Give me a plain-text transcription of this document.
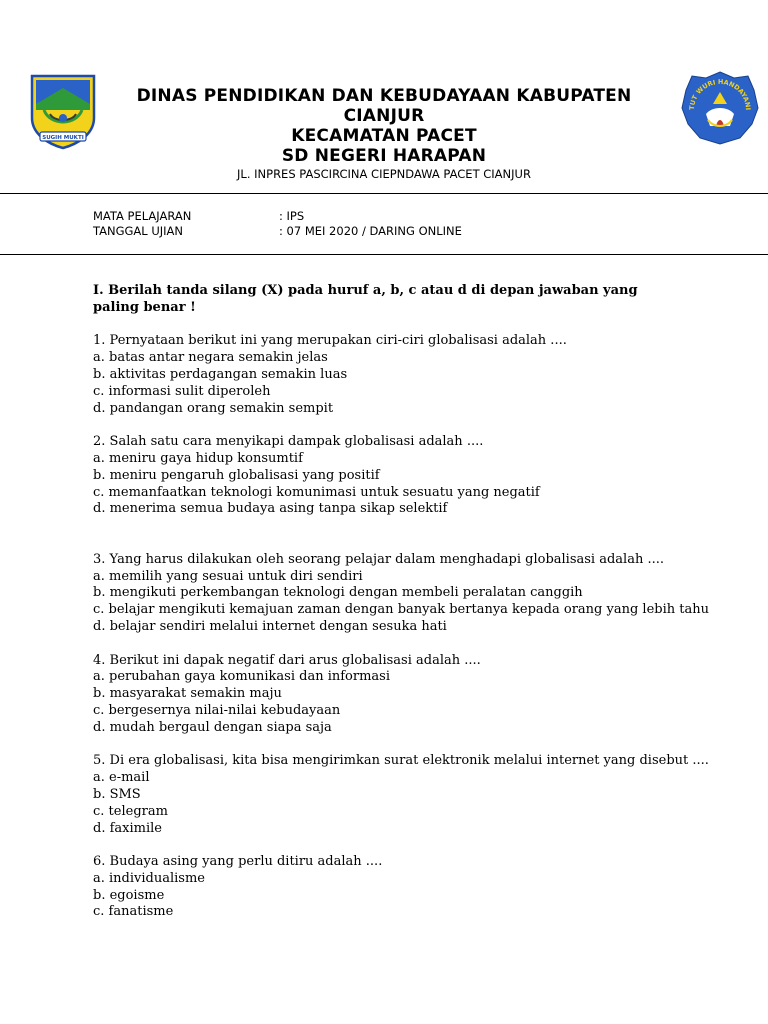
SUGIH MUKTI
TUT WURI HANDAYANI
DINAS PENDIDIKAN DAN KEBUDAYAAN KABUPATEN
CIANJUR
KECAMATAN PACET
SD NEGERI HARAPAN
JL. INPRES PASCIRCINA CIEPNDAWA PACET CIANJUR
MATA PELAJARAN	: IPS
TANGGAL UJIAN	: 07 MEI 2020 / DARING ONLINE
I. Berilah tanda silang (X) pada huruf a, b, c atau d di depan jawaban yang paling benar !
1. Pernyataan berikut ini yang merupakan ciri-ciri globalisasi adalah ....
a. batas antar negara semakin jelas
b. aktivitas perdagangan semakin luas
c. informasi sulit diperoleh
d. pandangan orang semakin sempit
2. Salah satu cara menyikapi dampak globalisasi adalah ....
a. meniru gaya hidup konsumtif
b. meniru pengaruh globalisasi yang positif
c. memanfaatkan teknologi komunimasi untuk sesuatu yang negatif
d. menerima semua budaya asing tanpa sikap selektif
3. Yang harus dilakukan oleh seorang pelajar dalam menghadapi globalisasi adalah ....
a. memilih yang sesuai untuk diri sendiri
b. mengikuti perkembangan teknologi dengan membeli peralatan canggih
c. belajar mengikuti kemajuan zaman dengan banyak bertanya kepada orang yang lebih tahu
d. belajar sendiri melalui internet dengan sesuka hati
4. Berikut ini dapak negatif dari arus globalisasi adalah ....
a. perubahan gaya komunikasi dan informasi
b. masyarakat semakin maju
c. bergesernya nilai-nilai kebudayaan
d. mudah bergaul dengan siapa saja
5. Di era globalisasi, kita bisa mengirimkan surat elektronik melalui internet yang disebut ....
a. e-mail
b. SMS
c. telegram
d. faximile
6. Budaya asing yang perlu ditiru adalah ....
a. individualisme
b. egoisme
c. fanatisme
